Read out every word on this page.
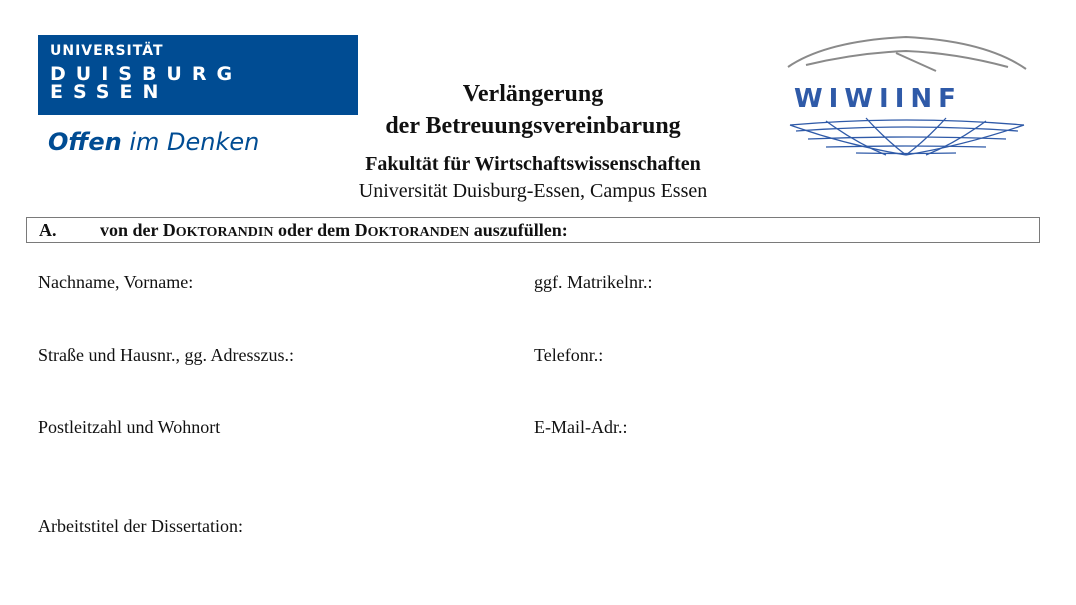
UNIVERSITÄT
DUISBURG
ESSEN
Offen im Denken
Verlängerung
der Betreuungsvereinbarung
Fakultät für Wirtschaftswissenschaften
Universität Duisburg-Essen, Campus Essen
WIWIINF
A. von der DOKTORANDIN oder dem DOKTORANDEN auszufüllen:
Nachname, Vorname:	ggf. Matrikelnr.:
Straße und Hausnr., gg. Adresszus.:	Telefonr.:
Postleitzahl und Wohnort	E-Mail-Adr.:
Arbeitstitel der Dissertation:
